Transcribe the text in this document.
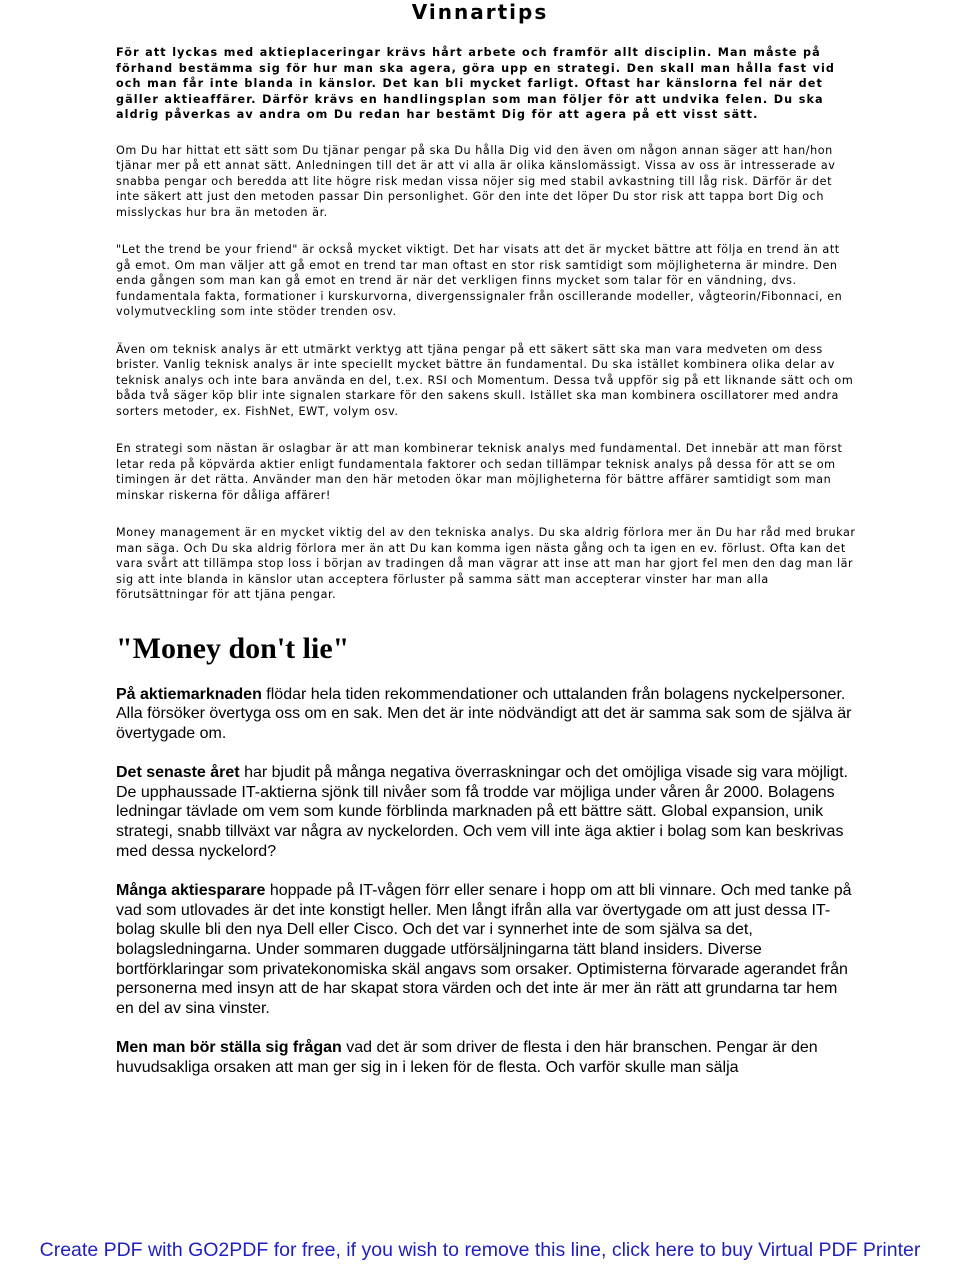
Vinnartips

För att lyckas med aktieplaceringar krävs hårt arbete och framför allt disciplin. Man måste på förhand bestämma sig för hur man ska agera, göra upp en strategi. Den skall man hålla fast vid och man får inte blanda in känslor. Det kan bli mycket farligt. Oftast har känslorna fel när det gäller aktieaffärer. Därför krävs en handlingsplan som man följer för att undvika felen. Du ska aldrig påverkas av andra om Du redan har bestämt Dig för att agera på ett visst sätt.

Om Du har hittat ett sätt som Du tjänar pengar på ska Du hålla Dig vid den även om någon annan säger att han/hon tjänar mer på ett annat sätt. Anledningen till det är att vi alla är olika känslomässigt. Vissa av oss är intresserade av snabba pengar och beredda att lite högre risk medan vissa nöjer sig med stabil avkastning till låg risk. Därför är det inte säkert att just den metoden passar Din personlighet. Gör den inte det löper Du stor risk att tappa bort Dig och misslyckas hur bra än metoden är.

"Let the trend be your friend" är också mycket viktigt. Det har visats att det är mycket bättre att följa en trend än att gå emot. Om man väljer att gå emot en trend tar man oftast en stor risk samtidigt som möjligheterna är mindre. Den enda gången som man kan gå emot en trend är när det verkligen finns mycket som talar för en vändning, dvs. fundamentala fakta, formationer i kurskurvorna, divergenssignaler från oscillerande modeller, vågteorin/Fibonnaci, en volymutveckling som inte stöder trenden osv.

Även om teknisk analys är ett utmärkt verktyg att tjäna pengar på ett säkert sätt ska man vara medveten om dess brister. Vanlig teknisk analys är inte speciellt mycket bättre än fundamental. Du ska istället kombinera olika delar av teknisk analys och inte bara använda en del, t.ex. RSI och Momentum. Dessa två uppför sig på ett liknande sätt och om båda två säger köp blir inte signalen starkare för den sakens skull. Istället ska man kombinera oscillatorer med andra sorters metoder, ex. FishNet, EWT, volym osv.

En strategi som nästan är oslagbar är att man kombinerar teknisk analys med fundamental. Det innebär att man först letar reda på köpvärda aktier enligt fundamentala faktorer och sedan tillämpar teknisk analys på dessa för att se om timingen är det rätta. Använder man den här metoden ökar man möjligheterna för bättre affärer samtidigt som man minskar riskerna för dåliga affärer!

Money management är en mycket viktig del av den tekniska analys. Du ska aldrig förlora mer än Du har råd med brukar man säga. Och Du ska aldrig förlora mer än att Du kan komma igen nästa gång och ta igen en ev. förlust. Ofta kan det vara svårt att tillämpa stop loss i början av tradingen då man vägrar att inse att man har gjort fel men den dag man lär sig att inte blanda in känslor utan acceptera förluster på samma sätt man accepterar vinster har man alla förutsättningar för att tjäna pengar.

"Money don't lie"

På aktiemarknaden flödar hela tiden rekommendationer och uttalanden från bolagens nyckelpersoner. Alla försöker övertyga oss om en sak. Men det är inte nödvändigt att det är samma sak som de själva är övertygade om.

Det senaste året har bjudit på många negativa överraskningar och det omöjliga visade sig vara möjligt. De upphaussade IT-aktierna sjönk till nivåer som få trodde var möjliga under våren år 2000. Bolagens ledningar tävlade om vem som kunde förblinda marknaden på ett bättre sätt. Global expansion, unik strategi, snabb tillväxt var några av nyckelorden. Och vem vill inte äga aktier i bolag som kan beskrivas med dessa nyckelord?

Många aktiesparare hoppade på IT-vågen förr eller senare i hopp om att bli vinnare. Och med tanke på vad som utlovades är det inte konstigt heller. Men långt ifrån alla var övertygade om att just dessa IT-bolag skulle bli den nya Dell eller Cisco. Och det var i synnerhet inte de som själva sa det, bolagsledningarna. Under sommaren duggade utförsäljningarna tätt bland insiders. Diverse bortförklaringar som privatekonomiska skäl angavs som orsaker. Optimisterna förvarade agerandet från personerna med insyn att de har skapat stora värden och det inte är mer än rätt att grundarna tar hem en del av sina vinster.

Men man bör ställa sig frågan vad det är som driver de flesta i den här branschen. Pengar är den huvudsakliga orsaken att man ger sig in i leken för de flesta. Och varför skulle man sälja

Create PDF with GO2PDF for free, if you wish to remove this line, click here to buy Virtual PDF Printer
